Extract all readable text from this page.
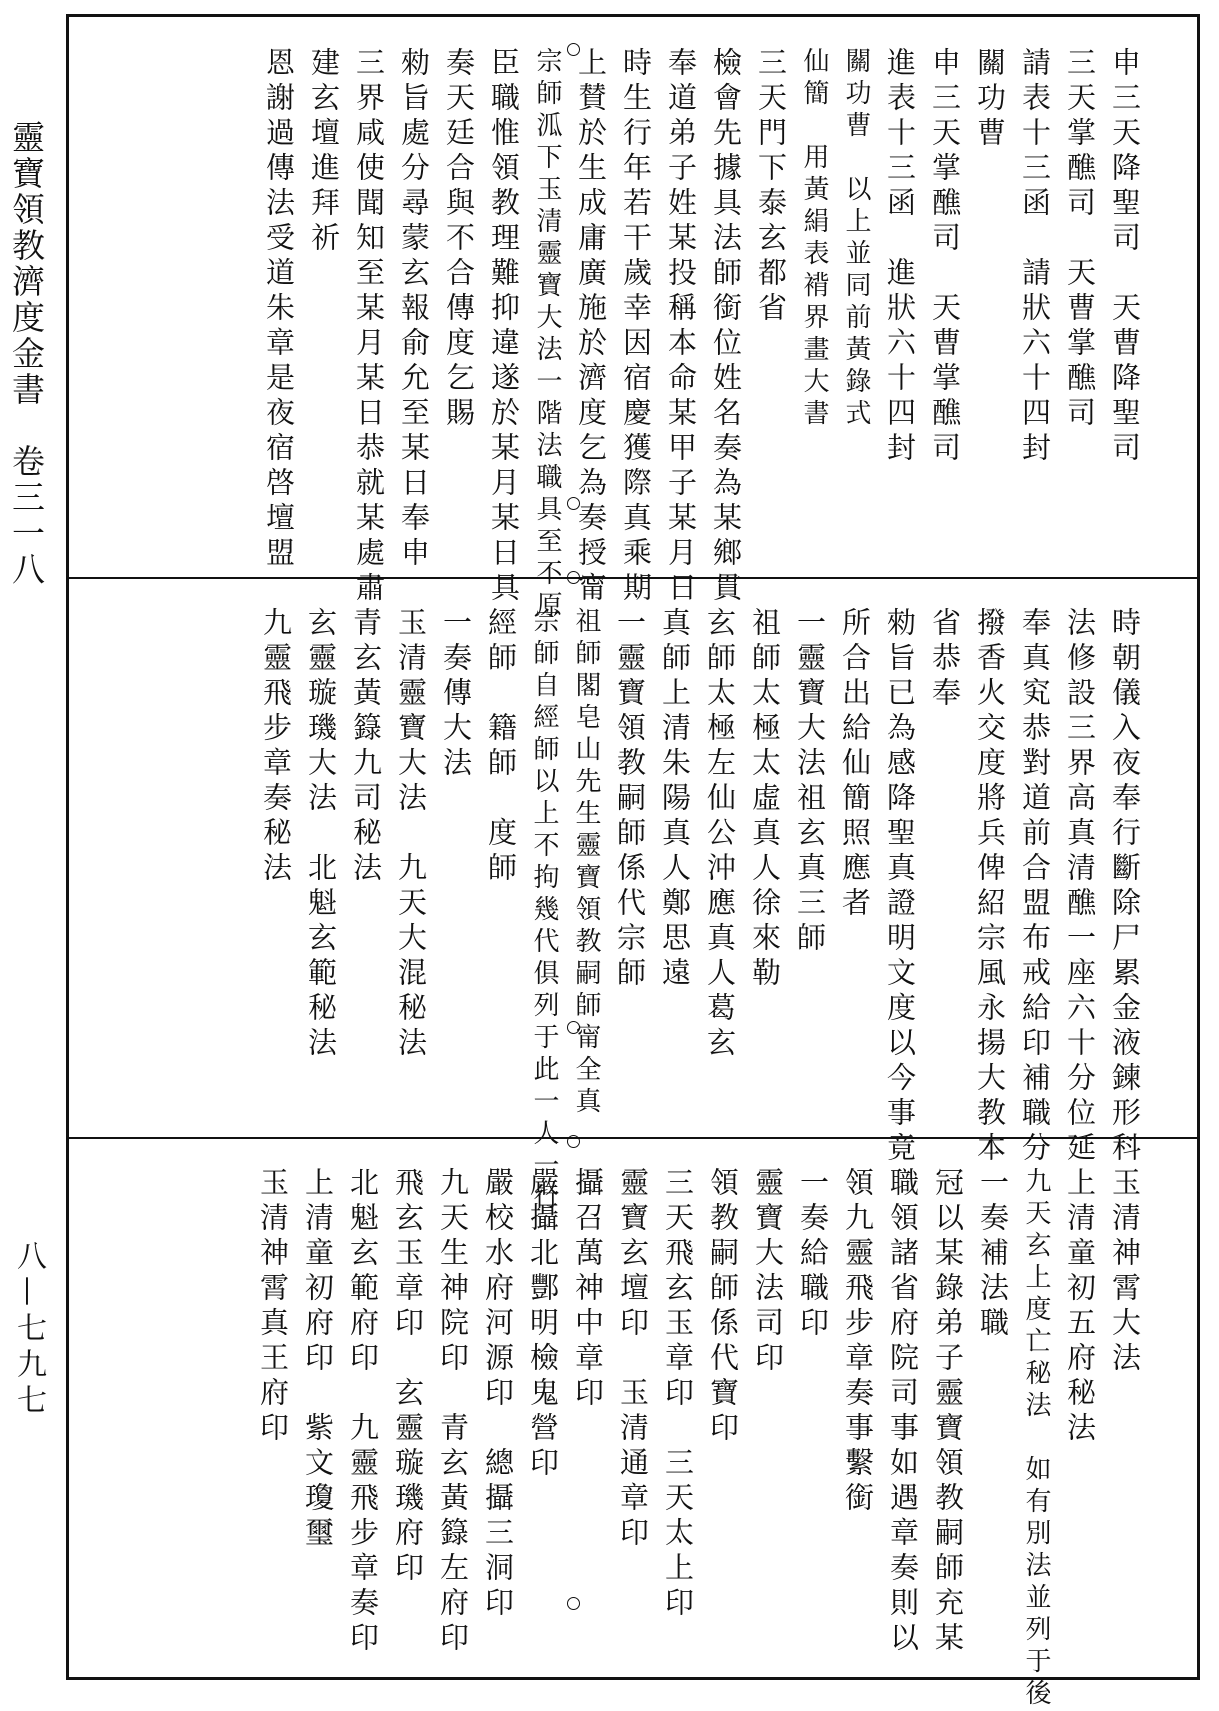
靈寶領教濟度金書　卷三一八
八—七九七
申三天降聖司　天曹降聖司
三天掌醮司　天曹掌醮司
請表十三函　請狀六十四封
關功曹
申三天掌醮司　天曹掌醮司
進表十三函　進狀六十四封
關功曹　以上並同前黃錄式
仙簡　用黃絹表褙界畫大書
三天門下泰玄都省
檢會先據具法師銜位姓名奏為某鄉貫
奉道弟子姓某投稱本命某甲子某月日
時生行年若干歲幸因宿慶獲際真乘期
上賛於生成庸廣施於濟度乞為奏授甯
宗師泒下玉清靈寶大法一階法職具至不原
臣職惟領教理難抑違遂於某月某日具
奏天廷合與不合傳度乞賜
勑旨處分尋蒙玄報俞允至某日奉申
三界咸使聞知至某月某日恭就某處肅
建玄壇進拜祈
恩謝過傳法受道朱章是夜宿啓壇盟
時朝儀入夜奉行斷除尸累金液鍊形科
法修設三界高真清醮一座六十分位延
奉真䆒恭對道前合盟布戒給印補職分
撥香火交度將兵俾紹宗風永揚大教本
省恭奉
勑旨已為感降聖真證明文度以今事竟
所合出給仙簡照應者
一靈寶大法祖玄真三師
祖師太極太虛真人徐來勒
玄師太極左仙公沖應真人葛玄
真師上清朱陽真人鄭思遠
一靈寶領教嗣師係代宗師
祖師閣皂山先生靈寶領教嗣師甯全真
宗師自經師以上不拘幾代俱列于此一人一行
經師　籍師　度師
一奏傳大法
玉清靈寶大法　九天大混秘法
青玄黃籙九司秘法
玄靈璇璣大法　北魁玄範秘法
九靈飛步章奏秘法
玉清神霄大法
上清童初五府秘法
九天玄上度亡秘法　如有別法並列于後
一奏補法職
冠以某錄弟子靈寶領教嗣師充某
職領諸省府院司事如遇章奏則以
領九靈飛步章奏事繫銜
一奏給職印
靈寶大法司印
領教嗣師係代寶印
三天飛玄玉章印　三天太上印
靈寶玄壇印　玉清通章印
攝召萬神中章印
嚴攝北酆明檢鬼營印
嚴校水府河源印　總攝三洞印
九天生神院印　青玄黃籙左府印
飛玄玉章印　玄靈璇璣府印
北魁玄範府印　九靈飛步章奏印
上清童初府印　紫文瓊璽
玉清神霄真王府印
